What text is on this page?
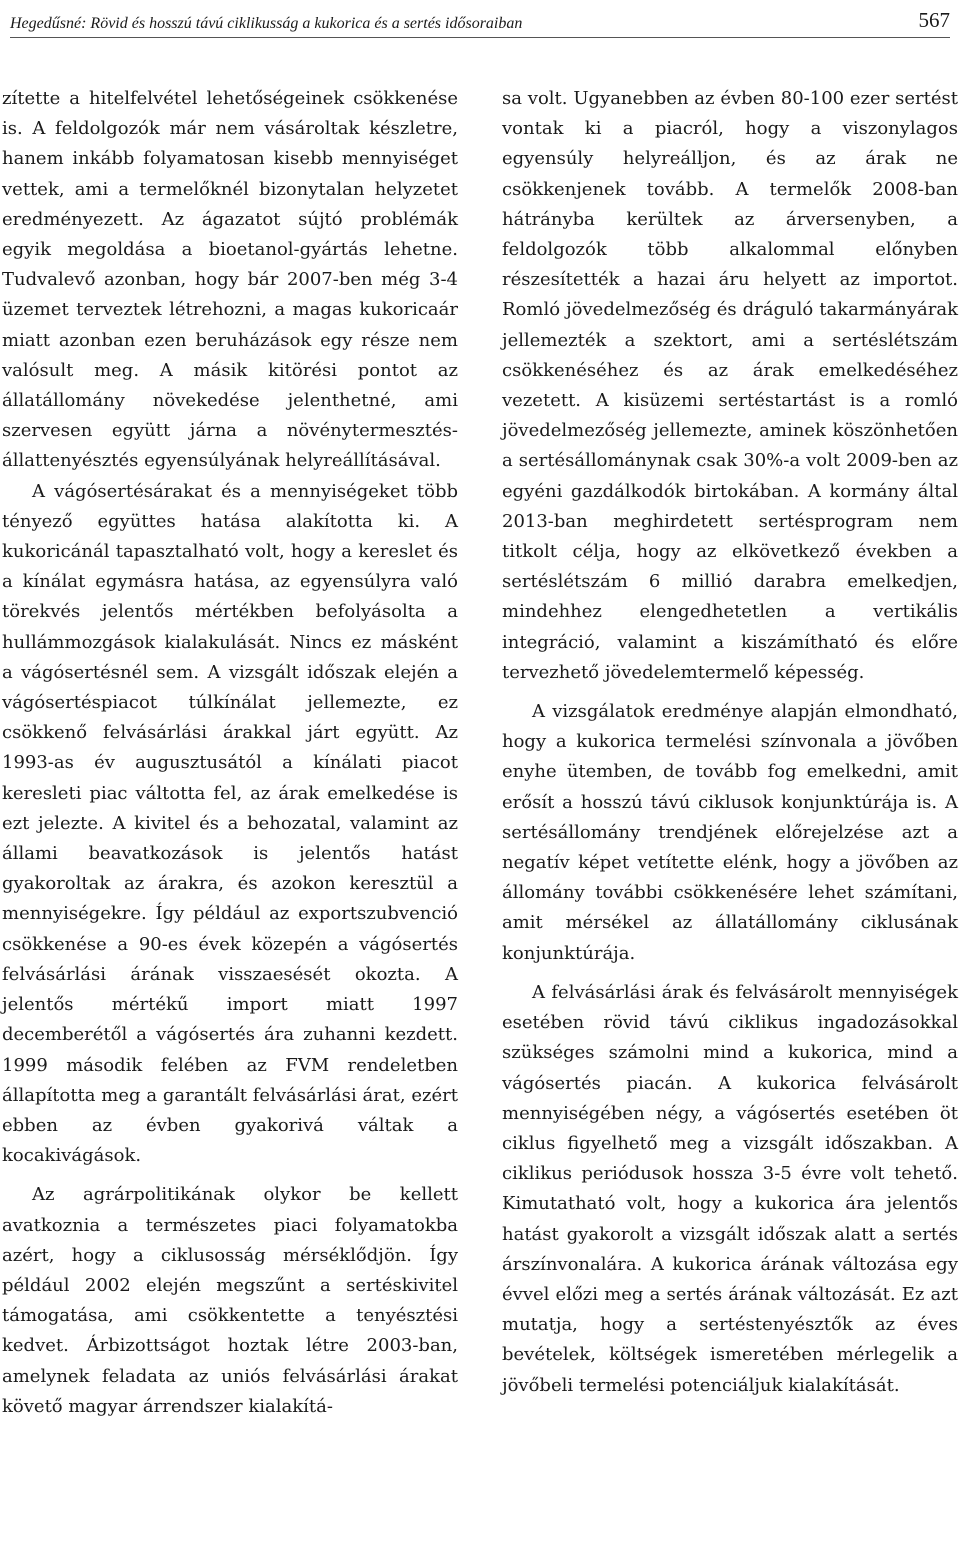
Hegedűsné: Rövid és hosszú távú ciklikusság a kukorica és a sertés idősoraiban	567

zítette a hitelfelvétel lehetőségeinek csökkenése is. A feldolgozók már nem vásároltak készletre, hanem inkább folyamatosan kisebb mennyiséget vettek, ami a termelőknél bizonytalan helyzetet eredményezett. Az ágazatot sújtó problémák egyik megoldása a bioetanol-gyártás lehetne. Tudvalevő azonban, hogy bár 2007-ben még 3-4 üzemet terveztek létrehozni, a magas kukoricaár miatt azonban ezen beruházások egy része nem valósult meg. A másik kitörési pontot az állatállomány növekedése jelenthetné, ami szervesen együtt járna a növénytermesztés-állattenyésztés egyensúlyának helyreállításával.

A vágósertésárakat és a mennyiségeket több tényező együttes hatása alakította ki. A kukoricánál tapasztalható volt, hogy a kereslet és a kínálat egymásra hatása, az egyensúlyra való törekvés jelentős mértékben befolyásolta a hullámmozgások kialakulását. Nincs ez másként a vágósertésnél sem. A vizsgált időszak elején a vágósertéspiacot túlkínálat jellemezte, ez csökkenő felvásárlási árakkal járt együtt. Az 1993-as év augusztusától a kínálati piacot keresleti piac váltotta fel, az árak emelkedése is ezt jelezte. A kivitel és a behozatal, valamint az állami beavatkozások is jelentős hatást gyakoroltak az árakra, és azokon keresztül a mennyiségekre. Így például az exportszubvenció csökkenése a 90-es évek közepén a vágósertés felvásárlási árának visszaesését okozta. A jelentős mértékű import miatt 1997 decemberétől a vágósertés ára zuhanni kezdett. 1999 második felében az FVM rendeletben állapította meg a garantált felvásárlási árat, ezért ebben az évben gyakorivá váltak a kocakivágások.

Az agrárpolitikának olykor be kellett avatkoznia a természetes piaci folyamatokba azért, hogy a ciklusosság mérséklődjön. Így például 2002 elején megszűnt a sertéskivitel támogatása, ami csökkentette a tenyésztési kedvet. Árbizottságot hoztak létre 2003-ban, amelynek feladata az uniós felvásárlási árakat követő magyar árrendszer kialakítá-

sa volt. Ugyanebben az évben 80-100 ezer sertést vontak ki a piacról, hogy a viszonylagos egyensúly helyreálljon, és az árak ne csökkenjenek tovább. A termelők 2008-ban hátrányba kerültek az árversenyben, a feldolgozók több alkalommal előnyben részesítették a hazai áru helyett az importot. Romló jövedelmezőség és dráguló takarmányárak jellemezték a szektort, ami a sertéslétszám csökkenéséhez és az árak emelkedéséhez vezetett. A kisüzemi sertéstartást is a romló jövedelmezőség jellemezte, aminek köszönhetően a sertésállománynak csak 30%-a volt 2009-ben az egyéni gazdálkodók birtokában. A kormány által 2013-ban meghirdetett sertésprogram nem titkolt célja, hogy az elkövetkező években a sertéslétszám 6 millió darabra emelkedjen, mindehhez elengedhetetlen a vertikális integráció, valamint a kiszámítható és előre tervezhető jövedelemtermelő képesség.

A vizsgálatok eredménye alapján elmondható, hogy a kukorica termelési színvonala a jövőben enyhe ütemben, de tovább fog emelkedni, amit erősít a hosszú távú ciklusok konjunktúrája is. A sertésállomány trendjének előrejelzése azt a negatív képet vetítette elénk, hogy a jövőben az állomány további csökkenésére lehet számítani, amit mérsékel az állatállomány ciklusának konjunktúrája.

A felvásárlási árak és felvásárolt mennyiségek esetében rövid távú ciklikus ingadozásokkal szükséges számolni mind a kukorica, mind a vágósertés piacán. A kukorica felvásárolt mennyiségében négy, a vágósertés esetében öt ciklus figyelhető meg a vizsgált időszakban. A ciklikus periódusok hossza 3-5 évre volt tehető. Kimutatható volt, hogy a kukorica ára jelentős hatást gyakorolt a vizsgált időszak alatt a sertés árszínvonalára. A kukorica árának változása egy évvel előzi meg a sertés árának változását. Ez azt mutatja, hogy a sertéstenyésztők az éves bevételek, költségek ismeretében mérlegelik a jövőbeli termelési potenciáljuk kialakítását.
